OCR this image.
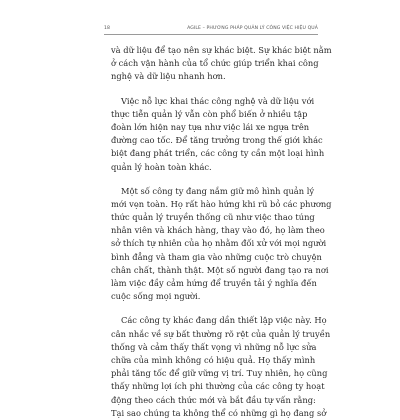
18	AGILE – PHƯƠNG PHÁP QUẢN LÝ CÔNG VIỆC HIỆU QUẢ
và dữ liệu để tạo nên sự khác biệt. Sự khác biệt nằm
ở cách vận hành của tổ chức giúp triển khai công
nghệ và dữ liệu nhanh hơn.
Việc nỗ lực khai thác công nghệ và dữ liệu với
thực tiễn quản lý vẫn còn phổ biến ở nhiều tập
đoàn lớn hiện nay tựa như việc lái xe ngựa trên
đường cao tốc. Để tăng trưởng trong thế giới khác
biệt đang phát triển, các công ty cần một loại hình
quản lý hoàn toàn khác.
Một số công ty đang nắm giữ mô hình quản lý
mới vẹn toàn. Họ rất hào hứng khi rũ bỏ các phương
thức quản lý truyền thống cũ như việc thao túng
nhân viên và khách hàng, thay vào đó, họ làm theo
sở thích tự nhiên của họ nhằm đối xử với mọi người
bình đẳng và tham gia vào những cuộc trò chuyện
chân chất, thành thật. Một số người đang tạo ra nơi
làm việc đầy cảm hứng để truyền tải ý nghĩa đến
cuộc sống mọi người.
Các công ty khác đang dần thiết lập việc này. Họ
cân nhắc về sự bất thường rõ rệt của quản lý truyền
thống và cảm thấy thất vọng vì những nỗ lực sửa
chữa của mình không có hiệu quả. Họ thấy mình
phải tăng tốc để giữ vững vị trí. Tuy nhiên, họ cũng
thấy những lợi ích phi thường của các công ty hoạt
động theo cách thức mới và bắt đầu tự vấn rằng:
Tại sao chúng ta không thể có những gì họ đang sở
